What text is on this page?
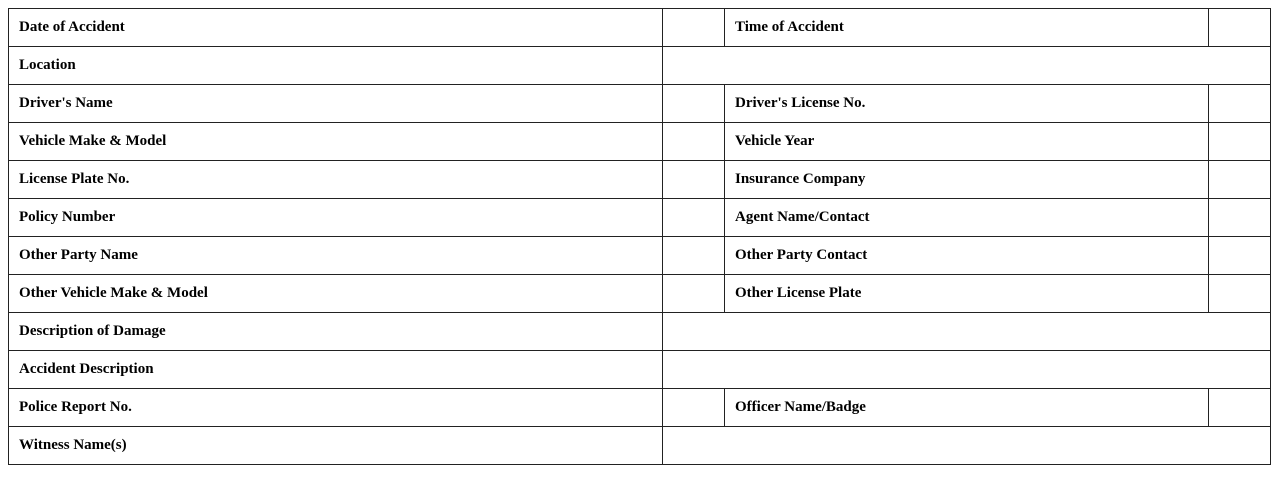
Date of Accident		Time of Accident	
Location			
Driver's Name		Driver's License No.	
Vehicle Make & Model		Vehicle Year	
License Plate No.		Insurance Company	
Policy Number		Agent Name/Contact	
Other Party Name		Other Party Contact	
Other Vehicle Make & Model		Other License Plate	
Description of Damage			
Accident Description			
Police Report No.		Officer Name/Badge	
Witness Name(s)			
